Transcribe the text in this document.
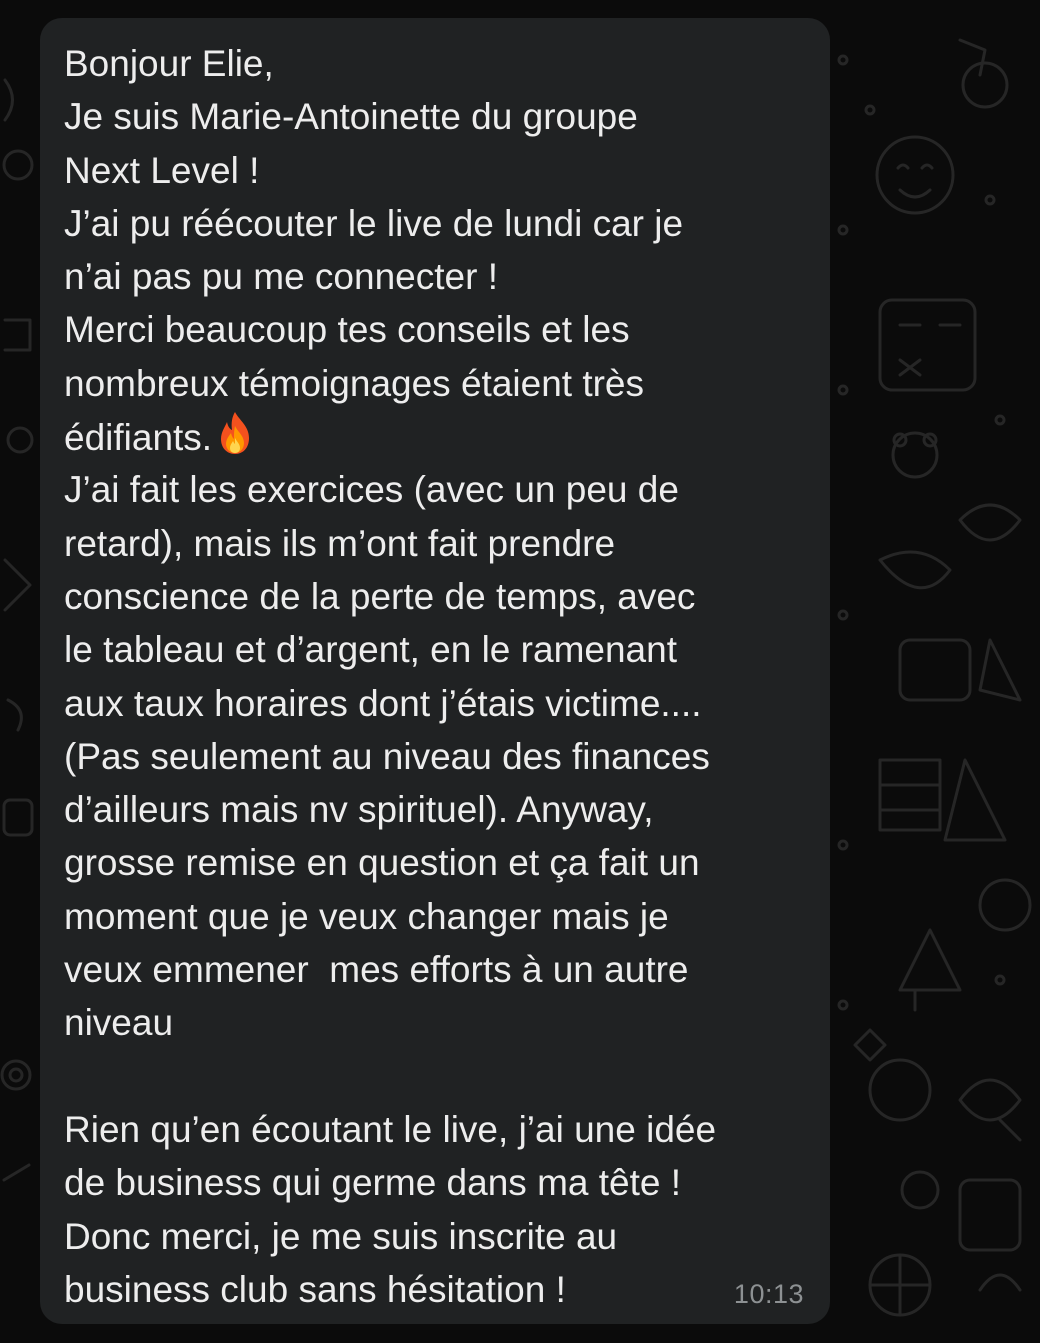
Bonjour Elie,
Je suis Marie-Antoinette du groupe
Next Level !
J’ai pu réécouter le live de lundi car je
n’ai pas pu me connecter !
Merci beaucoup tes conseils et les
nombreux témoignages étaient très
édifiants.
J’ai fait les exercices (avec un peu de
retard), mais ils m’ont fait prendre
conscience de la perte de temps, avec
le tableau et d’argent, en le ramenant
aux taux horaires dont j’étais victime....
(Pas seulement au niveau des finances
d’ailleurs mais nv spirituel). Anyway,
grosse remise en question et ça fait un
moment que je veux changer mais je
veux emmener  mes efforts à un autre
niveau
Rien qu’en écoutant le live, j’ai une idée
de business qui germe dans ma tête !
Donc merci, je me suis inscrite au
business club sans hésitation !	10:13
